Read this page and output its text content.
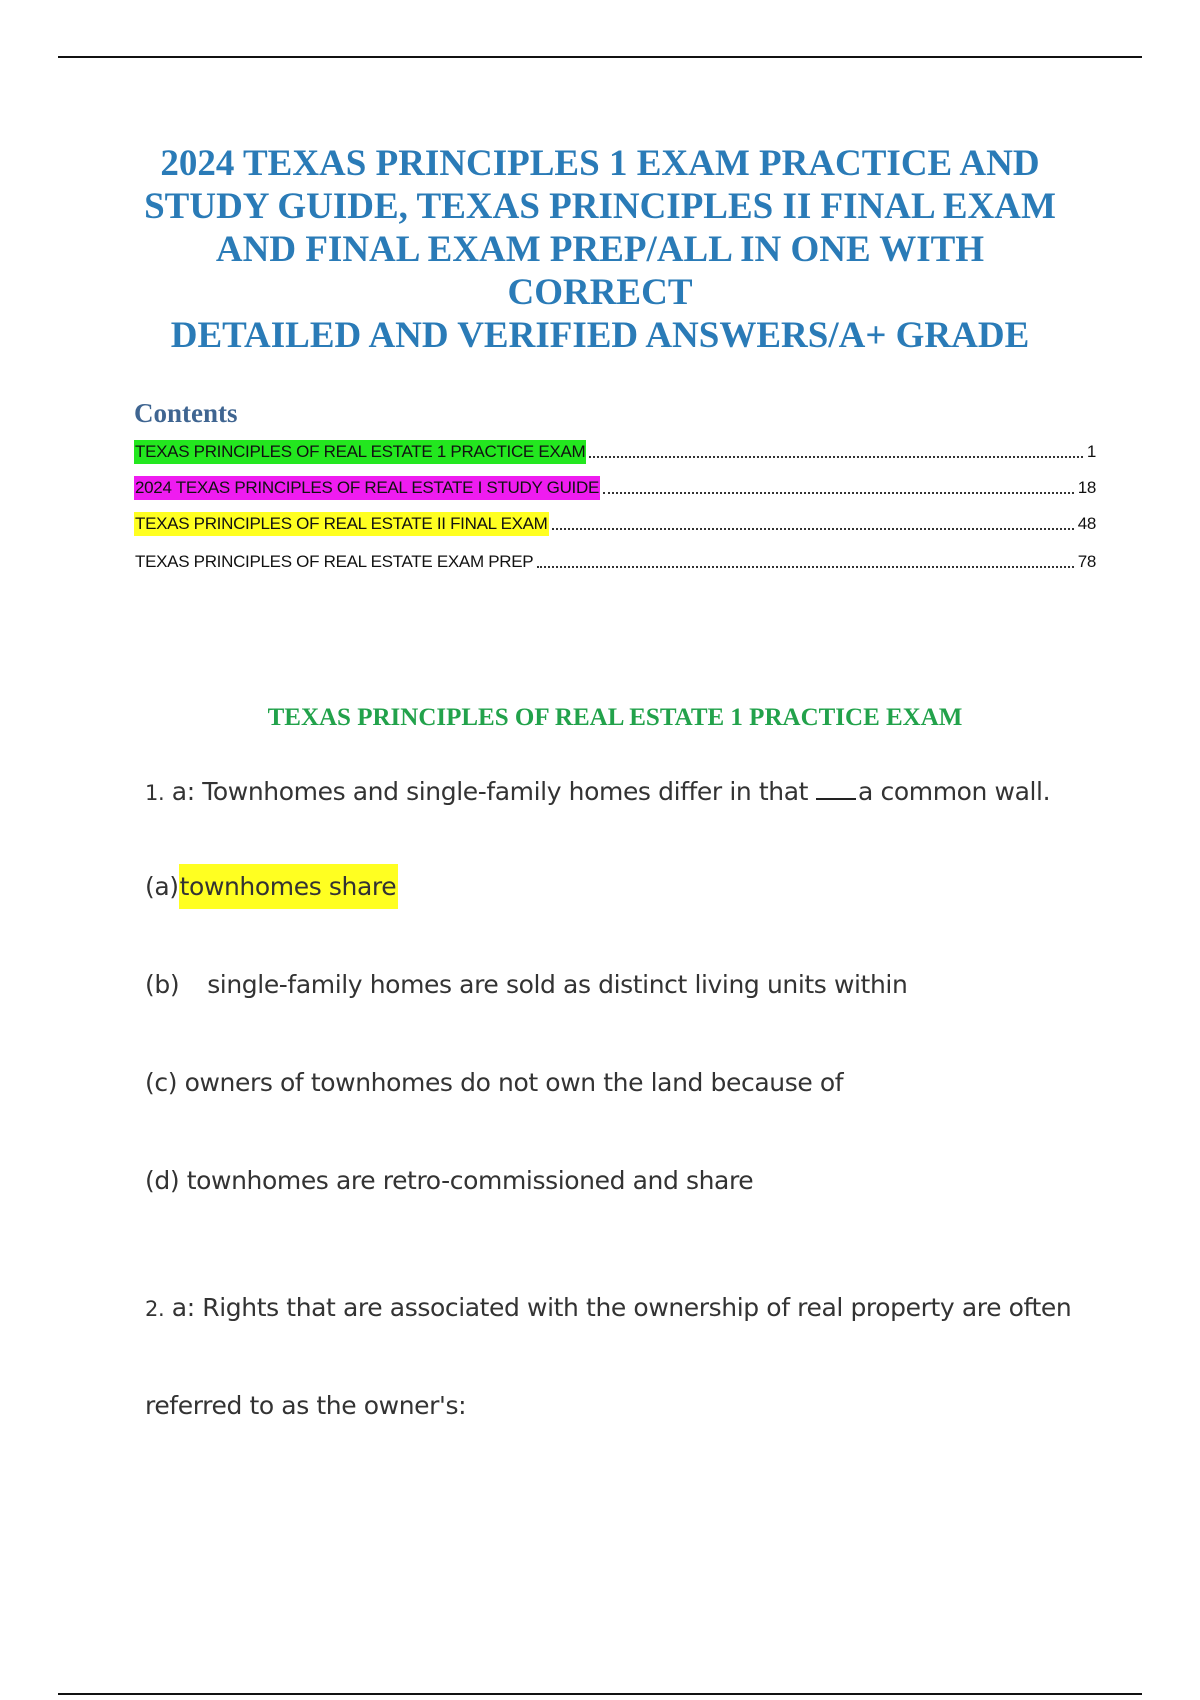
2024 TEXAS PRINCIPLES 1 EXAM PRACTICE AND
STUDY GUIDE, TEXAS PRINCIPLES II FINAL EXAM
AND FINAL EXAM PREP/ALL IN ONE WITH CORRECT
DETAILED AND VERIFIED ANSWERS/A+ GRADE
Contents
TEXAS PRINCIPLES OF REAL ESTATE 1 PRACTICE EXAM	1
2024 TEXAS PRINCIPLES OF REAL ESTATE I STUDY GUIDE	18
TEXAS PRINCIPLES OF REAL ESTATE II FINAL EXAM	48
TEXAS PRINCIPLES OF REAL ESTATE EXAM PREP	78
TEXAS PRINCIPLES OF REAL ESTATE 1 PRACTICE EXAM

1. a: Townhomes and single-family homes differ in that a common wall.

(a)townhomes share

(b) single-family homes are sold as distinct living units within

(c) owners of townhomes do not own the land because of

(d) townhomes are retro-commissioned and share

2. a: Rights that are associated with the ownership of real property are often

referred to as the owner's:
